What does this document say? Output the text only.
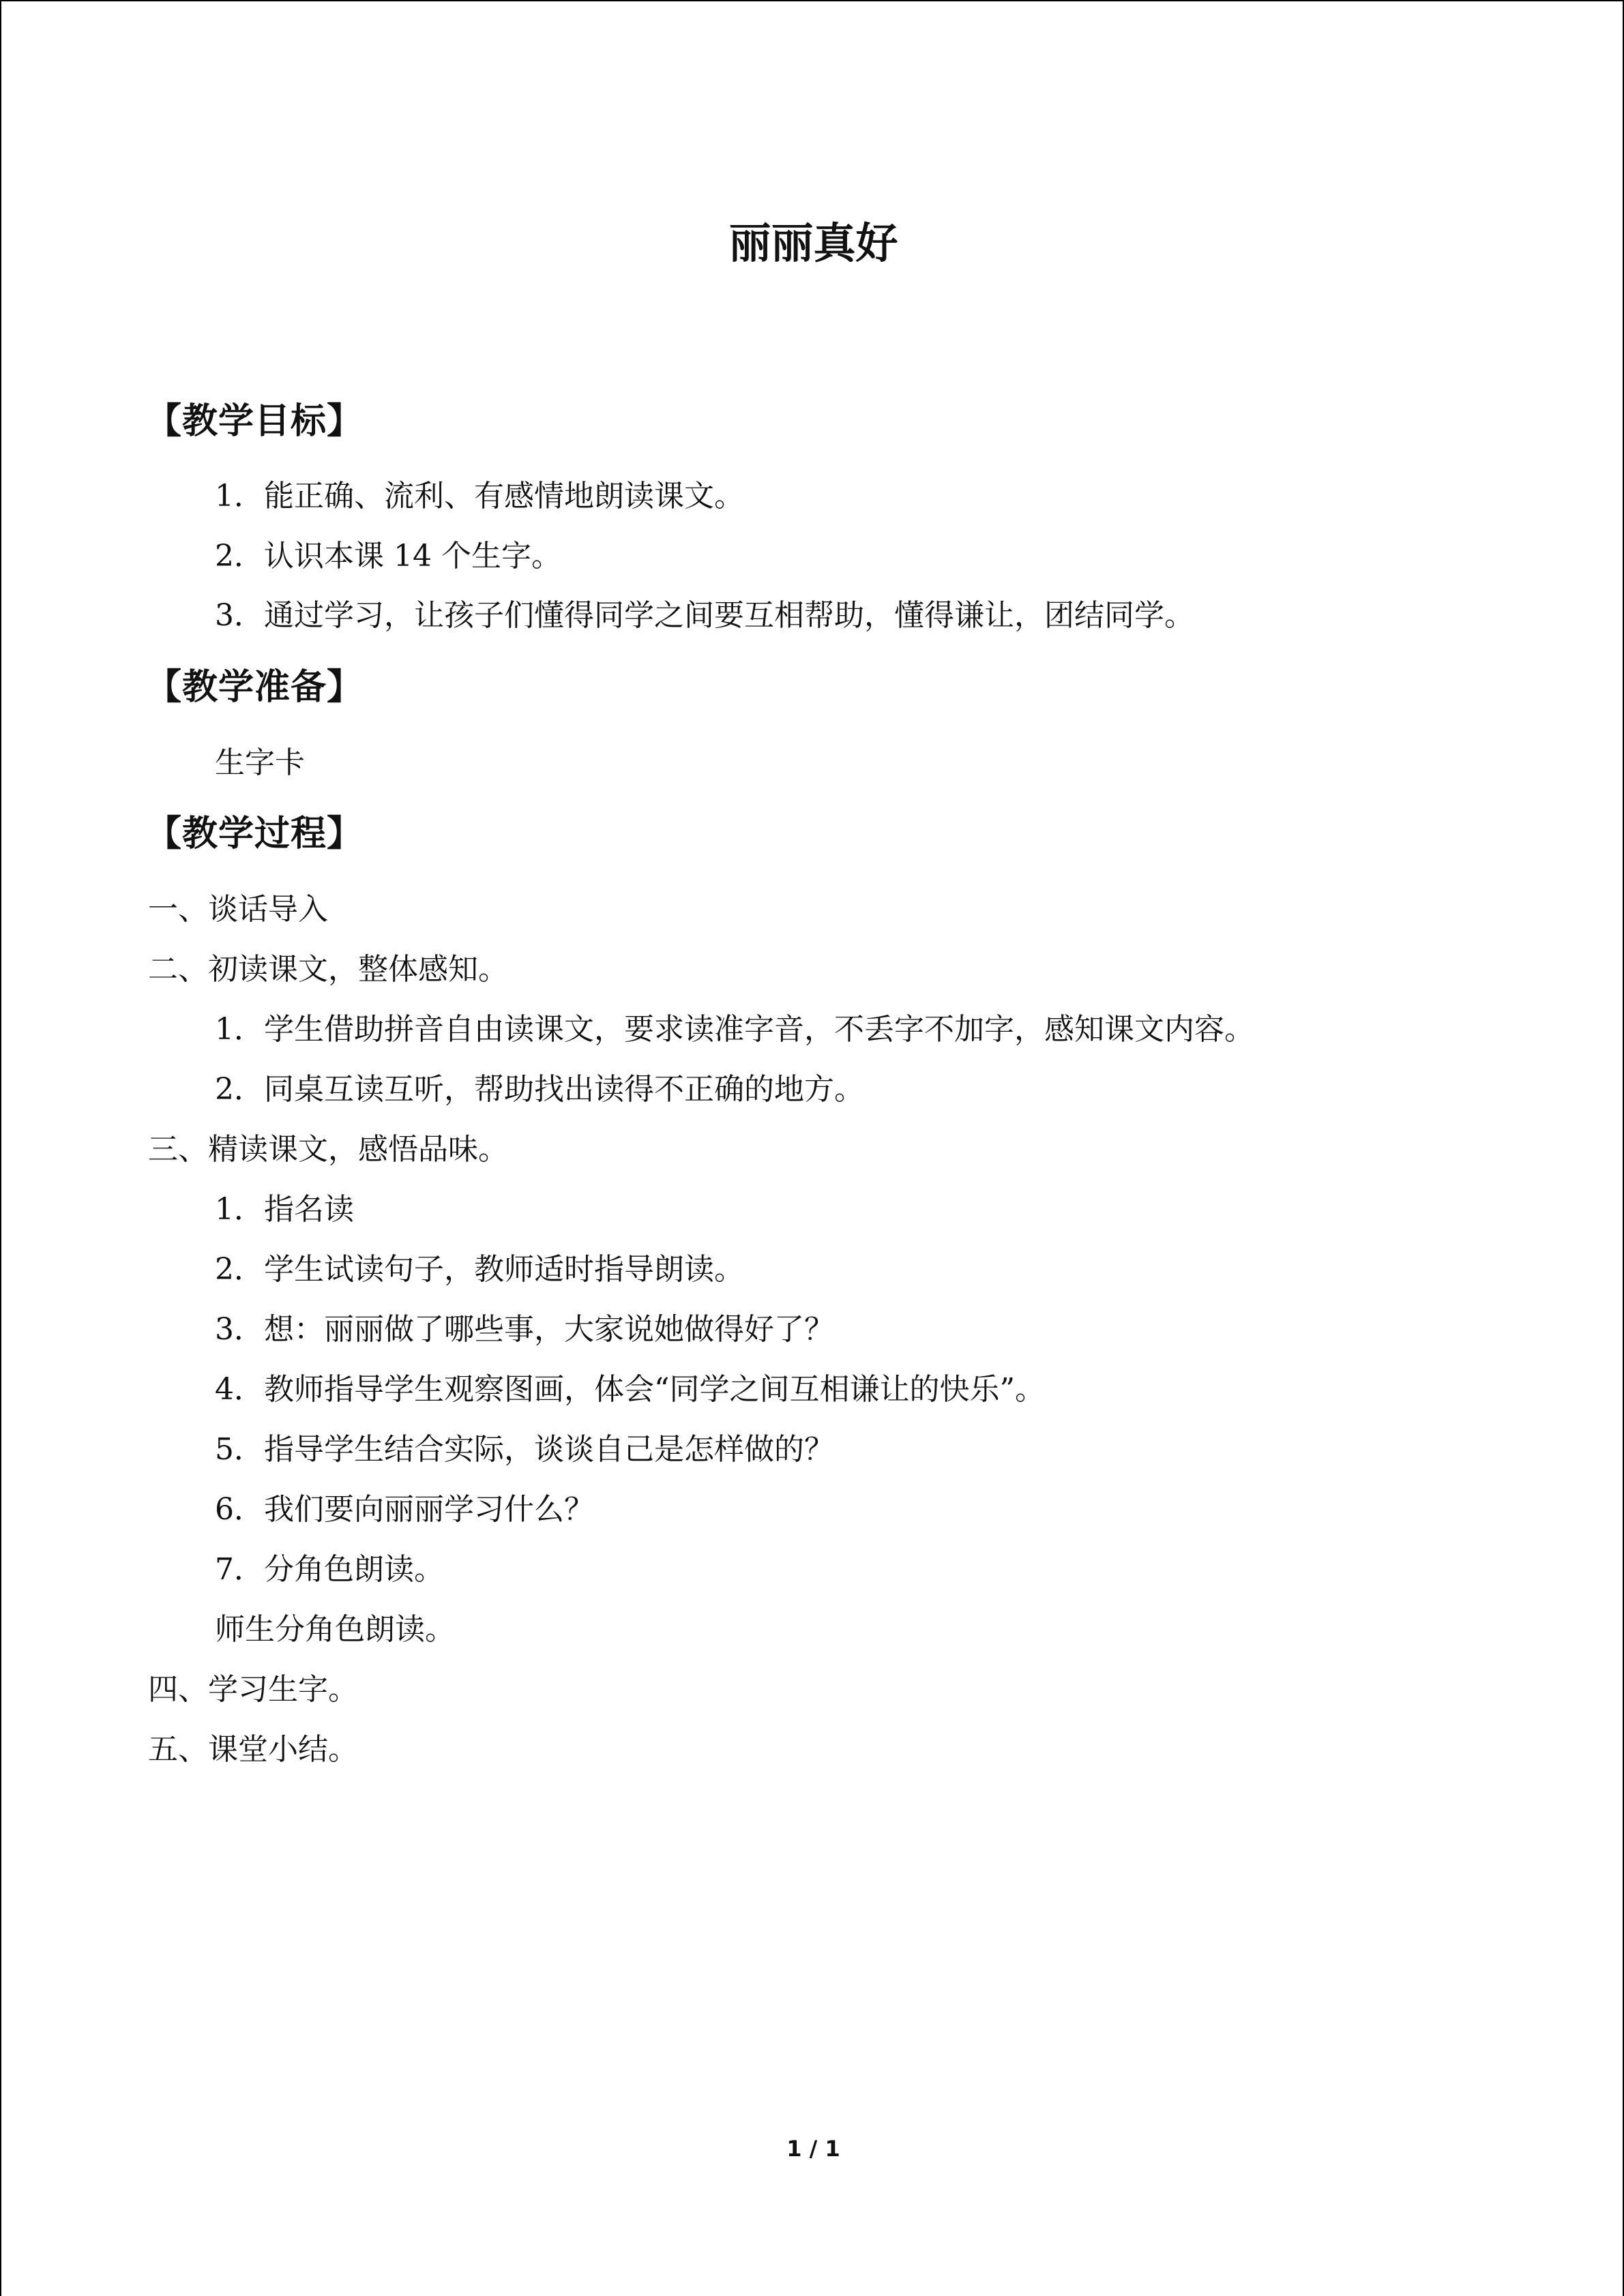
丽丽真好
【教学目标】
1．能正确、流利、有感情地朗读课文。
2．认识本课 14 个生字。
3．通过学习，让孩子们懂得同学之间要互相帮助，懂得谦让，团结同学。
【教学准备】
生字卡
【教学过程】
一、谈话导入
二、初读课文，整体感知。
1．学生借助拼音自由读课文，要求读准字音，不丢字不加字，感知课文内容。
2．同桌互读互听，帮助找出读得不正确的地方。
三、精读课文，感悟品味。
1．指名读
2．学生试读句子，教师适时指导朗读。
3．想：丽丽做了哪些事，大家说她做得好了？
4．教师指导学生观察图画，体会“同学之间互相谦让的快乐”。
5．指导学生结合实际，谈谈自己是怎样做的？
6．我们要向丽丽学习什么？
7．分角色朗读。
师生分角色朗读。
四、学习生字。
五、课堂小结。
1 / 1
